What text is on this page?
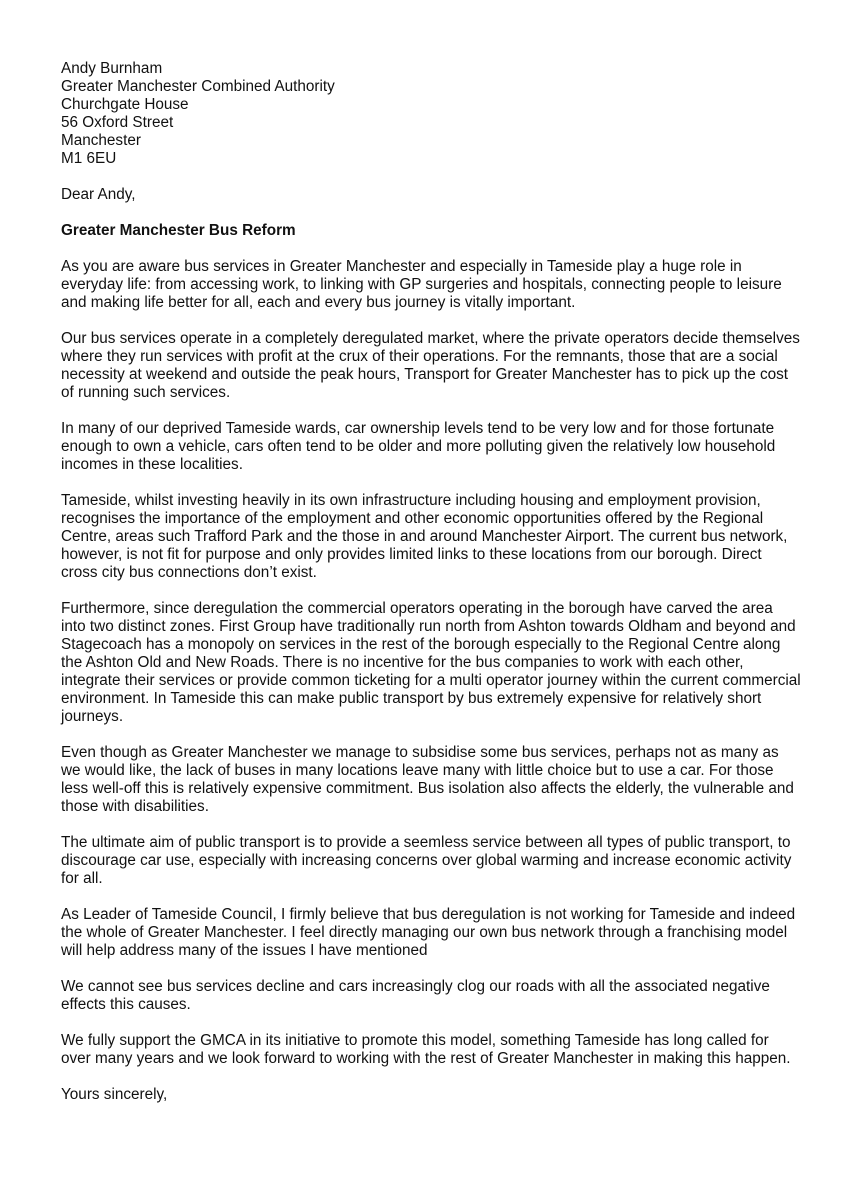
Andy Burnham
Greater Manchester Combined Authority
Churchgate House
56 Oxford Street
Manchester
M1 6EU
Dear Andy,
Greater Manchester Bus Reform

As you are aware bus services in Greater Manchester and especially in Tameside play a huge role in everyday life: from accessing work, to linking with GP surgeries and hospitals, connecting people to leisure and making life better for all, each and every bus journey is vitally important.

Our bus services operate in a completely deregulated market, where the private operators decide themselves where they run services with profit at the crux of their operations. For the remnants, those that are a social necessity at weekend and outside the peak hours, Transport for Greater Manchester has to pick up the cost of running such services.

In many of our deprived Tameside wards, car ownership levels tend to be very low and for those fortunate enough to own a vehicle, cars often tend to be older and more polluting given the relatively low household incomes in these localities.

Tameside, whilst investing heavily in its own infrastructure including housing and employment provision, recognises the importance of the employment and other economic opportunities offered by the Regional Centre, areas such Trafford Park and the those in and around Manchester Airport. The current bus network, however, is not fit for purpose and only provides limited links to these locations from our borough. Direct cross city bus connections don’t exist.

Furthermore, since deregulation the commercial operators operating in the borough have carved the area into two distinct zones. First Group have traditionally run north from Ashton towards Oldham and beyond and Stagecoach has a monopoly on services in the rest of the borough especially to the Regional Centre along the Ashton Old and New Roads. There is no incentive for the bus companies to work with each other, integrate their services or provide common ticketing for a multi operator journey within the current commercial environment. In Tameside this can make public transport by bus extremely expensive for relatively short journeys.

Even though as Greater Manchester we manage to subsidise some bus services, perhaps not as many as we would like, the lack of buses in many locations leave many with little choice but to use a car. For those less well-off this is relatively expensive commitment. Bus isolation also affects the elderly, the vulnerable and those with disabilities.

The ultimate aim of public transport is to provide a seemless service between all types of public transport, to discourage car use, especially with increasing concerns over global warming and increase economic activity for all.

As Leader of Tameside Council, I firmly believe that bus deregulation is not working for Tameside and indeed the whole of Greater Manchester. I feel directly managing our own bus network through a franchising model will help address many of the issues I have mentioned

We cannot see bus services decline and cars increasingly clog our roads with all the associated negative effects this causes.

We fully support the GMCA in its initiative to promote this model, something Tameside has long called for over many years and we look forward to working with the rest of Greater Manchester in making this happen.

Yours sincerely,
